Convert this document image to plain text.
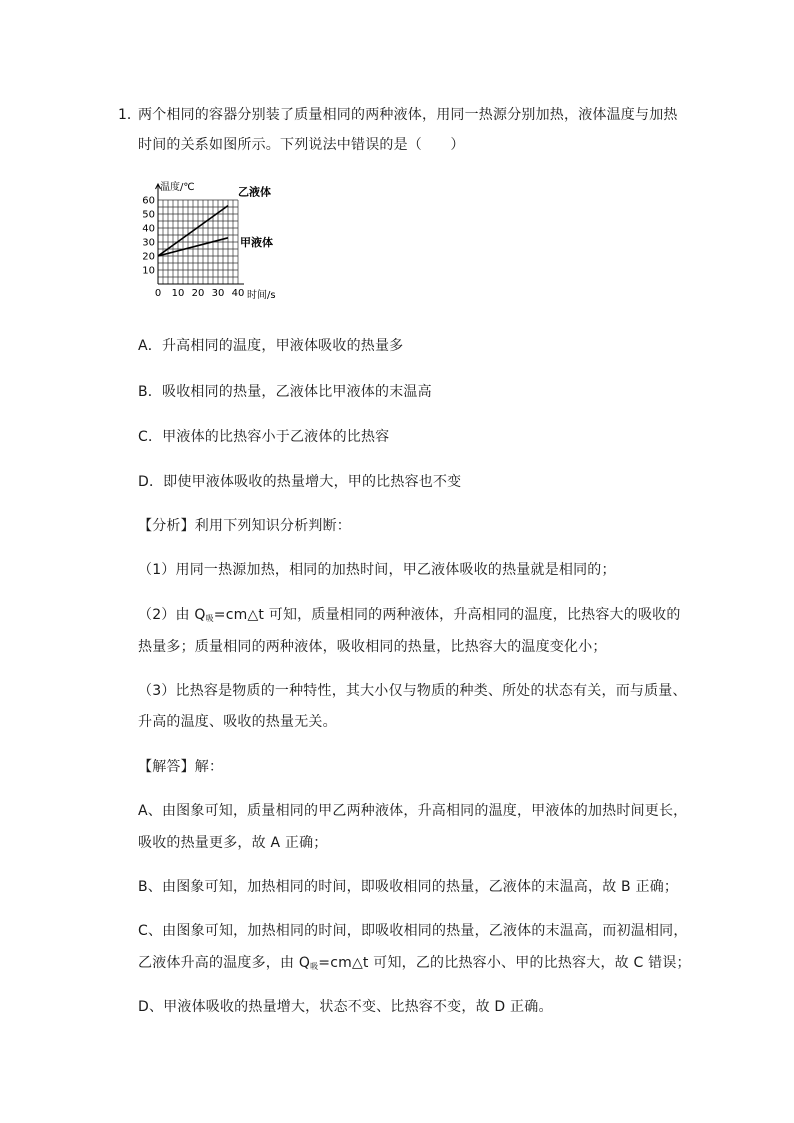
1．
两个相同的容器分别装了质量相同的两种液体，用同一热源分别加热，液体温度与加热
时间的关系如图所示。下列说法中错误的是（　　）
10
20
30
40
50
60
0 10 20 30 40
温度/℃
时间/s
乙液体
甲液体
A．升高相同的温度，甲液体吸收的热量多
B．吸收相同的热量，乙液体比甲液体的末温高
C．甲液体的比热容小于乙液体的比热容
D．即使甲液体吸收的热量增大，甲的比热容也不变
【分析】利用下列知识分析判断：
（1）用同一热源加热，相同的加热时间，甲乙液体吸收的热量就是相同的；
（2）由 $Q_吸=cm\triangle t$ 可知，质量相同的两种液体，升高相同的温度，比热容大的吸收的
热量多；质量相同的两种液体，吸收相同的热量，比热容大的温度变化小；
（3）比热容是物质的一种特性，其大小仅与物质的种类、所处的状态有关，而与质量、
升高的温度、吸收的热量无关。
【解答】解：
A、由图象可知，质量相同的甲乙两种液体，升高相同的温度，甲液体的加热时间更长，
吸收的热量更多，故 A 正确；
B、由图象可知，加热相同的时间，即吸收相同的热量，乙液体的末温高，故 B 正确；
C、由图象可知，加热相同的时间，即吸收相同的热量，乙液体的末温高，而初温相同，
乙液体升高的温度多，由 $Q_吸=cm\triangle t$ 可知，乙的比热容小、甲的比热容大，故 C 错误；
D、甲液体吸收的热量增大，状态不变、比热容不变，故 D 正确。
